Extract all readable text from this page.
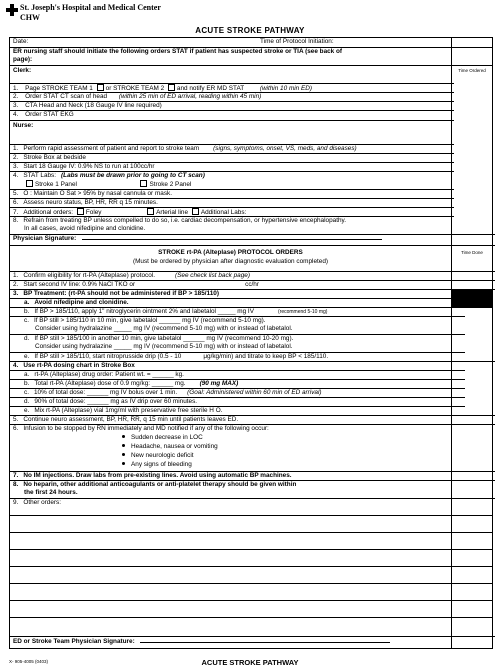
St. Joseph's Hospital and Medical Center
CHW
ACUTE STROKE PATHWAY
Date:	Time of Protocol Initiation:
ER nursing staff should initiate the following orders STAT if patient has suspected stroke or TIA (see back of
page):
Clerk:	Time Ordered
1. Page STROKE TEAM 1 or STROKE TEAM 2 and notify ER MD STAT (within 10 min ED)
2. Order STAT CT scan of head (within 25 min of ED arrival, reading within 45 min)
3. CTA Head and Neck (18 Gauge IV line required)
4. Order STAT EKG
Nurse:
1. Perform rapid assessment of patient and report to stroke team (signs, symptoms, onset, VS, meds, and diseases)
2. Stroke Box at bedside
3. Start 18 Gauge IV: 0.9% NS to run at 100cc/hr
4. STAT Labs: (Labs must be drawn prior to going to CT scan)
Stroke 1 Panel	Stroke 2 Panel
5. O : Maintain O Sat > 95% by nasal cannula or mask.
6. Assess neuro status, BP, HR, RR q 15 minutes.
7. Additional orders: Foley	Arterial line Additional Labs:
8. Refrain from treating BP unless compelled to do so, i.e. cardiac decompensation, or hypertensive encephalopathy.
In all cases, avoid nifedipine and clonidine.
Physician Signature:
STROKE rt-PA (Alteplase) PROTOCOL ORDERS
(Must be ordered by physician after diagnostic evaluation completed)
Time Done
1. Confirm eligibility for rt-PA (Alteplase) protocol.	(See check list back page)
2. Start second IV line: 0.9% NaCl TKO or	cc/hr
3. BP Treatment: (rt-PA should not be administered if BP > 185/110)
a. Avoid nifedipine and clonidine.
b. If BP > 185/110, apply 1" nitroglycerin ointment 2% and labetalol _____ mg IV	(recommend 5-10 mg)
c. If BP still > 185/110 in 10 min, give labetalol ______ mg IV (recommend 5-10 mg).
Consider using hydralazine _____ mg IV (recommend 5-10 mg) with or instead of labetalol.
d. If BP still > 185/100 in another 10 min, give labetalol ______ mg IV (recommend 10-20 mg).
Consider using hydralazine _____ mg IV (recommend 5-10 mg) with or instead of labetalol.
e. If BP still > 185/110, start nitroprusside drip (0.5 - 10	μg/kg/min) and titrate to keep BP < 185/110.
4. Use rt-PA dosing chart in Stroke Box
a. rt-PA (Alteplase) drug order: Patient wt. = ______ kg.
b. Total rt-PA (Alteplase) dose of 0.9 mg/kg: ______ mg. (90 mg MAX)
c. 10% of total dose: ______ mg IV bolus over 1 min. (Goal: Administered within 60 min of ED arrival)
d. 90% of total dose: ______ mg as IV drip over 60 minutes.
e. Mix rt-PA (Alteplase) vial 1mg/ml with preservative free sterile H O.
5. Continue neuro assessment, BP, HR, RR, q 15 min until patients leaves ED.
6. Infusion to be stopped by RN immediately and MD notified if any of the following occur:
Sudden decrease in LOC
Headache, nausea or vomiting
New neurologic deficit
Any signs of bleeding
7. No IM injections. Draw labs from pre-existing lines. Avoid using automatic BP machines.
8. No heparin, other additional anticoagulants or anti-platelet therapy should be given within
the first 24 hours.
9. Other orders:
ED or Stroke Team Physician Signature:
X- 905-4005 (0403)	ACUTE STROKE PATHWAY
